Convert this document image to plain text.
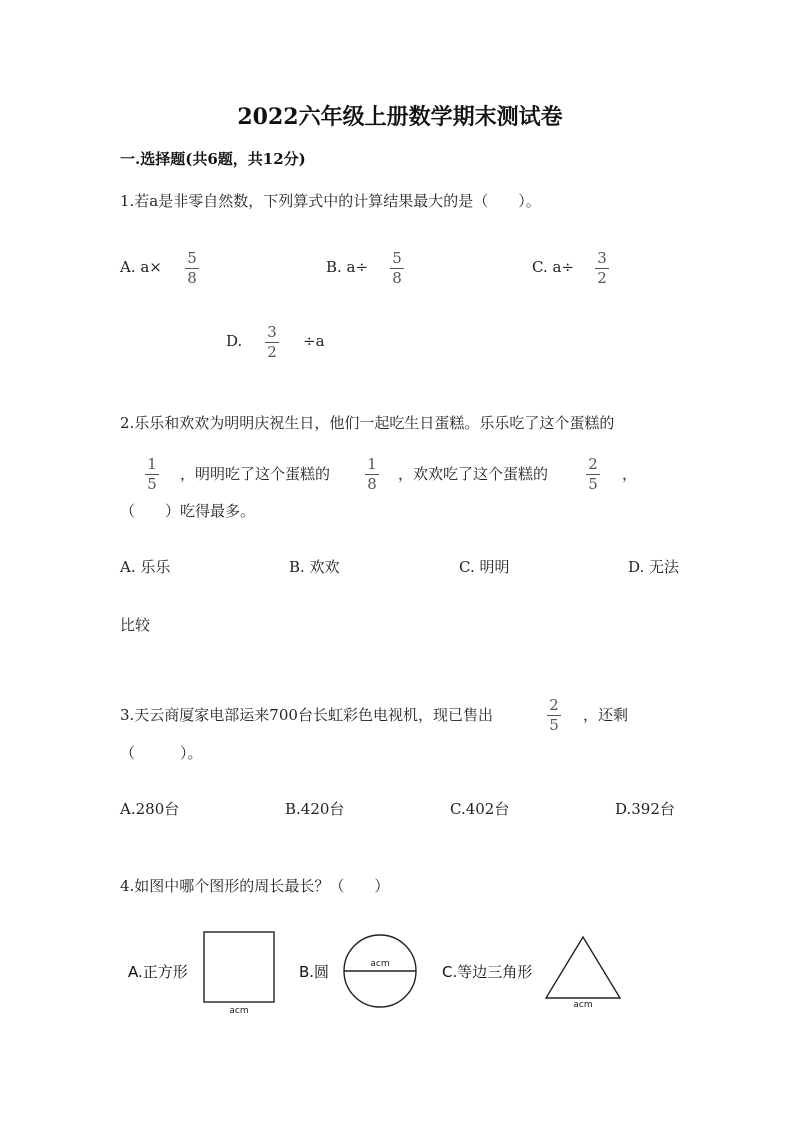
2022六年级上册数学期末测试卷
一.选择题(共6题，共12分)
1.若a是非零自然数，下列算式中的计算结果最大的是（　　）。
A. a× 5
8
B. a÷ 5
8
C. a÷ 3
2
D. 3
2
÷a
2.乐乐和欢欢为明明庆祝生日，他们一起吃生日蛋糕。乐乐吃了这个蛋糕的
1
5
，明明吃了这个蛋糕的
1
8
，欢欢吃了这个蛋糕的
2
5
，
（　　）吃得最多。
A. 乐乐	B. 欢欢	C. 明明	D. 无法
比较
3.天云商厦家电部运来700台长虹彩色电视机，现已售出
2
5
，还剩
（　　　）。
A.280台	B.420台	C.402台	D.392台
4.如图中哪个图形的周长最长？（　　）
A.正方形	B.圆	C.等边三角形
acm
acm
acm
